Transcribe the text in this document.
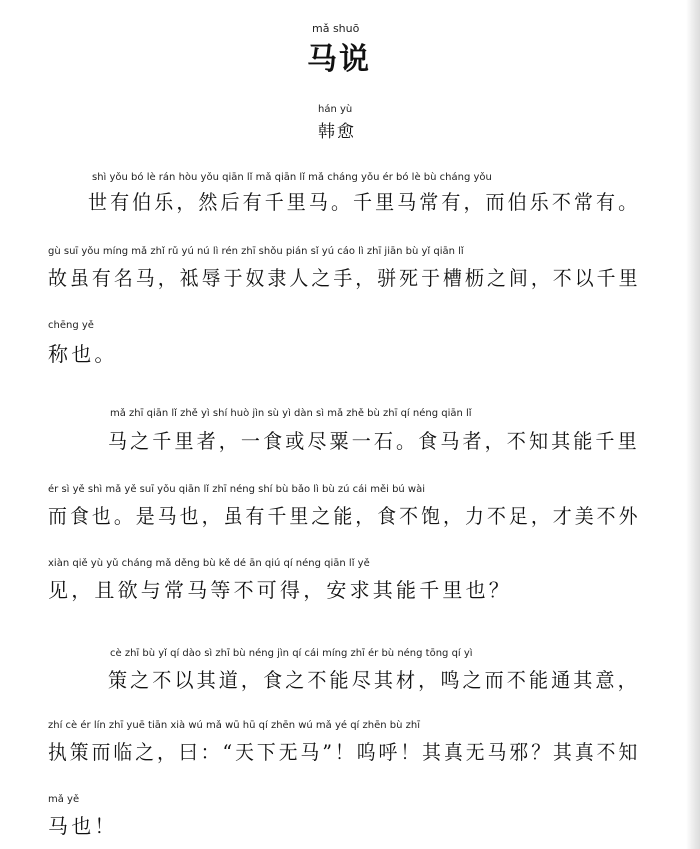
mǎ shuō
马说
hán yù
韩愈
shì yǒu bó lè rán hòu yǒu qiān lǐ mǎ qiān lǐ mǎ cháng yǒu ér bó lè bù cháng yǒu
世有伯乐，然后有千里马。千里马常有，而伯乐不常有。
gù suī yǒu míng mǎ zhǐ rǔ yú nú lì rén zhī shǒu pián sǐ yú cáo lì zhī jiān bù yǐ qiān lǐ
故虽有名马，祗辱于奴隶人之手，骈死于槽枥之间，不以千里
chēng yě
称也。
mǎ zhī qiān lǐ zhě yì shí huò jìn sù yì dàn sì mǎ zhě bù zhī qí néng qiān lǐ
马之千里者，一食或尽粟一石。食马者，不知其能千里
ér sì yě shì mǎ yě suī yǒu qiān lǐ zhī néng shí bù bǎo lì bù zú cái měi bú wài
而食也。是马也，虽有千里之能，食不饱，力不足，才美不外
xiàn qiě yù yǔ cháng mǎ děng bù kě dé ān qiú qí néng qiān lǐ yě
见，且欲与常马等不可得，安求其能千里也？
cè zhī bù yǐ qí dào sì zhī bù néng jìn qí cái míng zhī ér bù néng tōng qí yì
策之不以其道，食之不能尽其材，鸣之而不能通其意，
zhí cè ér lín zhī yuē tiān xià wú mǎ wū hū qí zhēn wú mǎ yé qí zhēn bù zhī
执策而临之，曰：“天下无马”！呜呼！其真无马邪？其真不知
mǎ yě
马也！
